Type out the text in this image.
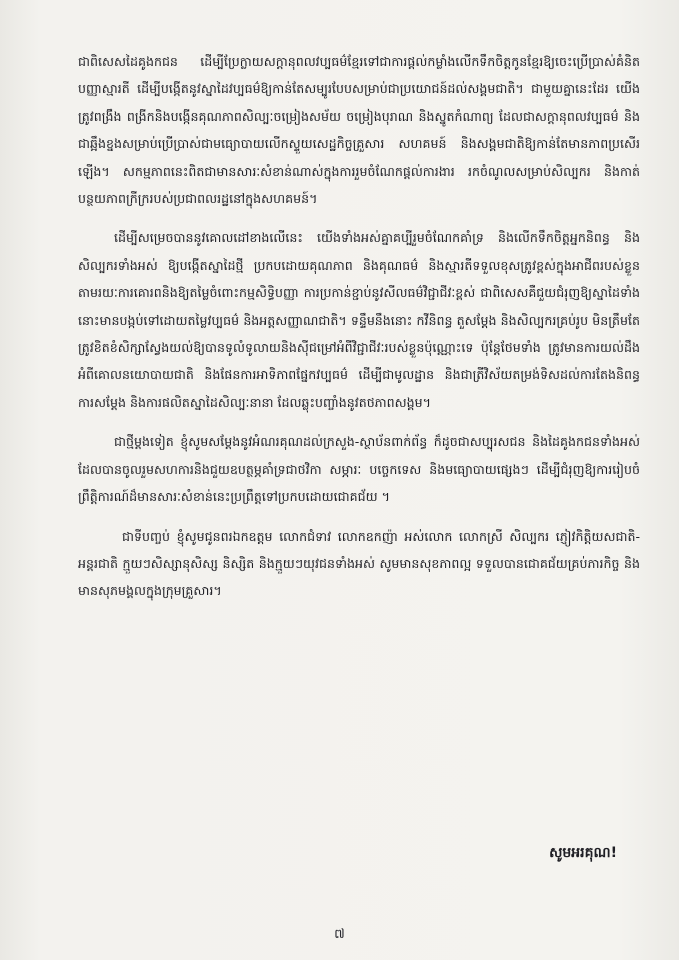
ជាពិសេសដៃគូងកជន ដើម្បីប្រែក្លាយសក្តានុពលវប្បធម៌ខ្មែរទៅជាការផ្តល់កម្លាំងលើកទឹកចិត្តកូនខ្មែរឱ្យចេះប្រើប្រាស់គំនិតបញ្ញាស្មារតី ដើម្បីបង្កើតនូវស្នាដៃវប្បធម៌ឱ្យកាន់តែសម្បូរបែបសម្រាប់ជាប្រយោជន៍ដល់សង្គមជាតិ។ ជាមួយគ្នានេះដែរ យើងត្រូវពង្រឹង ពង្រីកនិងបង្កើនគុណភាពសិល្បៈចម្រៀងសម័យ ចម្រៀងបុរាណ និងស្នូតកំណាព្យ ដែលជាសក្តានុពលវប្បធម៌ និងជាឆ្អឹងខ្នងសម្រាប់ប្រើប្រាស់ជាមធ្យោបាយលើកស្ទួយសេដ្ឋកិច្ចគ្រួសារ សហគមន៍ និងសង្គមជាតិឱ្យកាន់តែមានភាពប្រសើរឡើង។ សកម្មភាពនេះពិតជាមានសារៈសំខាន់ណាស់ក្នុងការរួមចំណែកផ្តល់ការងារ រកចំណូលសម្រាប់សិល្បករ និងកាត់បន្ថយភាពក្រីក្ររបស់ប្រជាពលរដ្ឋនៅក្នុងសហគមន៍។

ដើម្បីសម្រេចបាននូវគោលដៅខាងលើនេះ យើងទាំងអស់គ្នាគប្បីរួមចំណែកគាំទ្រ និងលើកទឹកចិត្តអ្នកនិពន្ធ និងសិល្បករទាំងអស់ ឱ្យបង្កើតស្នាដៃថ្មី ប្រកបដោយគុណភាព និងគុណធម៌ និងស្មារតីទទួលខុសត្រូវខ្ពស់ក្នុងអាជីពរបស់ខ្លួន តាមរយៈការគោរពនិងឱ្យតម្លៃចំពោះកម្មសិទ្ធិបញ្ញា ការប្រកាន់ខ្ជាប់នូវសីលធម៌វិជ្ជាជីវៈខ្ពស់ ជាពិសេសគឺជួយជំរុញឱ្យស្នាដៃទាំងនោះមានបង្កប់ទៅដោយតម្លៃវប្បធម៌ និងអត្តសញ្ញាណជាតិ។ ទន្ទឹមនឹងនោះ កវីនិពន្ធ តួសម្តែង និងសិល្បករគ្រប់រូប មិនត្រឹមតែ ត្រូវខិតខំសិក្សាស្វែងយល់ឱ្យបានទូលំទូលាយនិងស៊ីជម្រៅអំពីវិជ្ជាជីវៈរបស់ខ្លួនប៉ុណ្ណោះទេ ប៉ុន្តែថែមទាំង ត្រូវមានការយល់ដឹងអំពីគោលនយោបាយជាតិ និងផែនការអាទិភាពផ្នែកវប្បធម៌ ដើម្បីជាមូលដ្ឋាន និងជាត្រីវិស័យតម្រង់ទិសដល់ការតែងនិពន្ធ ការសម្តែង និងការផលិតស្នាដៃសិល្បៈនានា ដែលឆ្លុះបញ្ចាំងនូវតថភាពសង្គម។

ជាថ្មីម្តងទៀត ខ្ញុំសូមសម្តែងនូវអំណរគុណដល់ក្រសួង-ស្ថាប័នពាក់ព័ន្ធ ក៏ដូចជាសប្បុរសជន និងដៃគូងកជនទាំងអស់ ដែលបានចូលរួមសហការនិងជួយឧបត្ថម្ភគាំទ្រជាថវិកា សម្ភារៈ បច្ចេកទេស និងមធ្យោបាយផ្សេងៗ ដើម្បីជំរុញឱ្យការរៀបចំព្រឹត្តិការណ៍ដ៏មានសារៈសំខាន់នេះប្រព្រឹត្តទៅប្រកបដោយជោគជ័យ ។

ជាទីបញ្ចប់ ខ្ញុំសូមជូនពរឯកឧត្តម លោកជំទាវ លោកឧកញ៉ា អស់លោក លោកស្រី សិល្បករ ភ្ញៀវកិត្តិយសជាតិ-អន្តរជាតិ ក្មួយៗសិស្សានុសិស្ស និស្សិត និងក្មួយៗយុវជនទាំងអស់ សូមមានសុខភាពល្អ ទទួលបានជោគជ័យគ្រប់ភារកិច្ច និងមានសុភមង្គលក្នុងក្រុមគ្រួសារ។

សូមអរគុណ!
៧
